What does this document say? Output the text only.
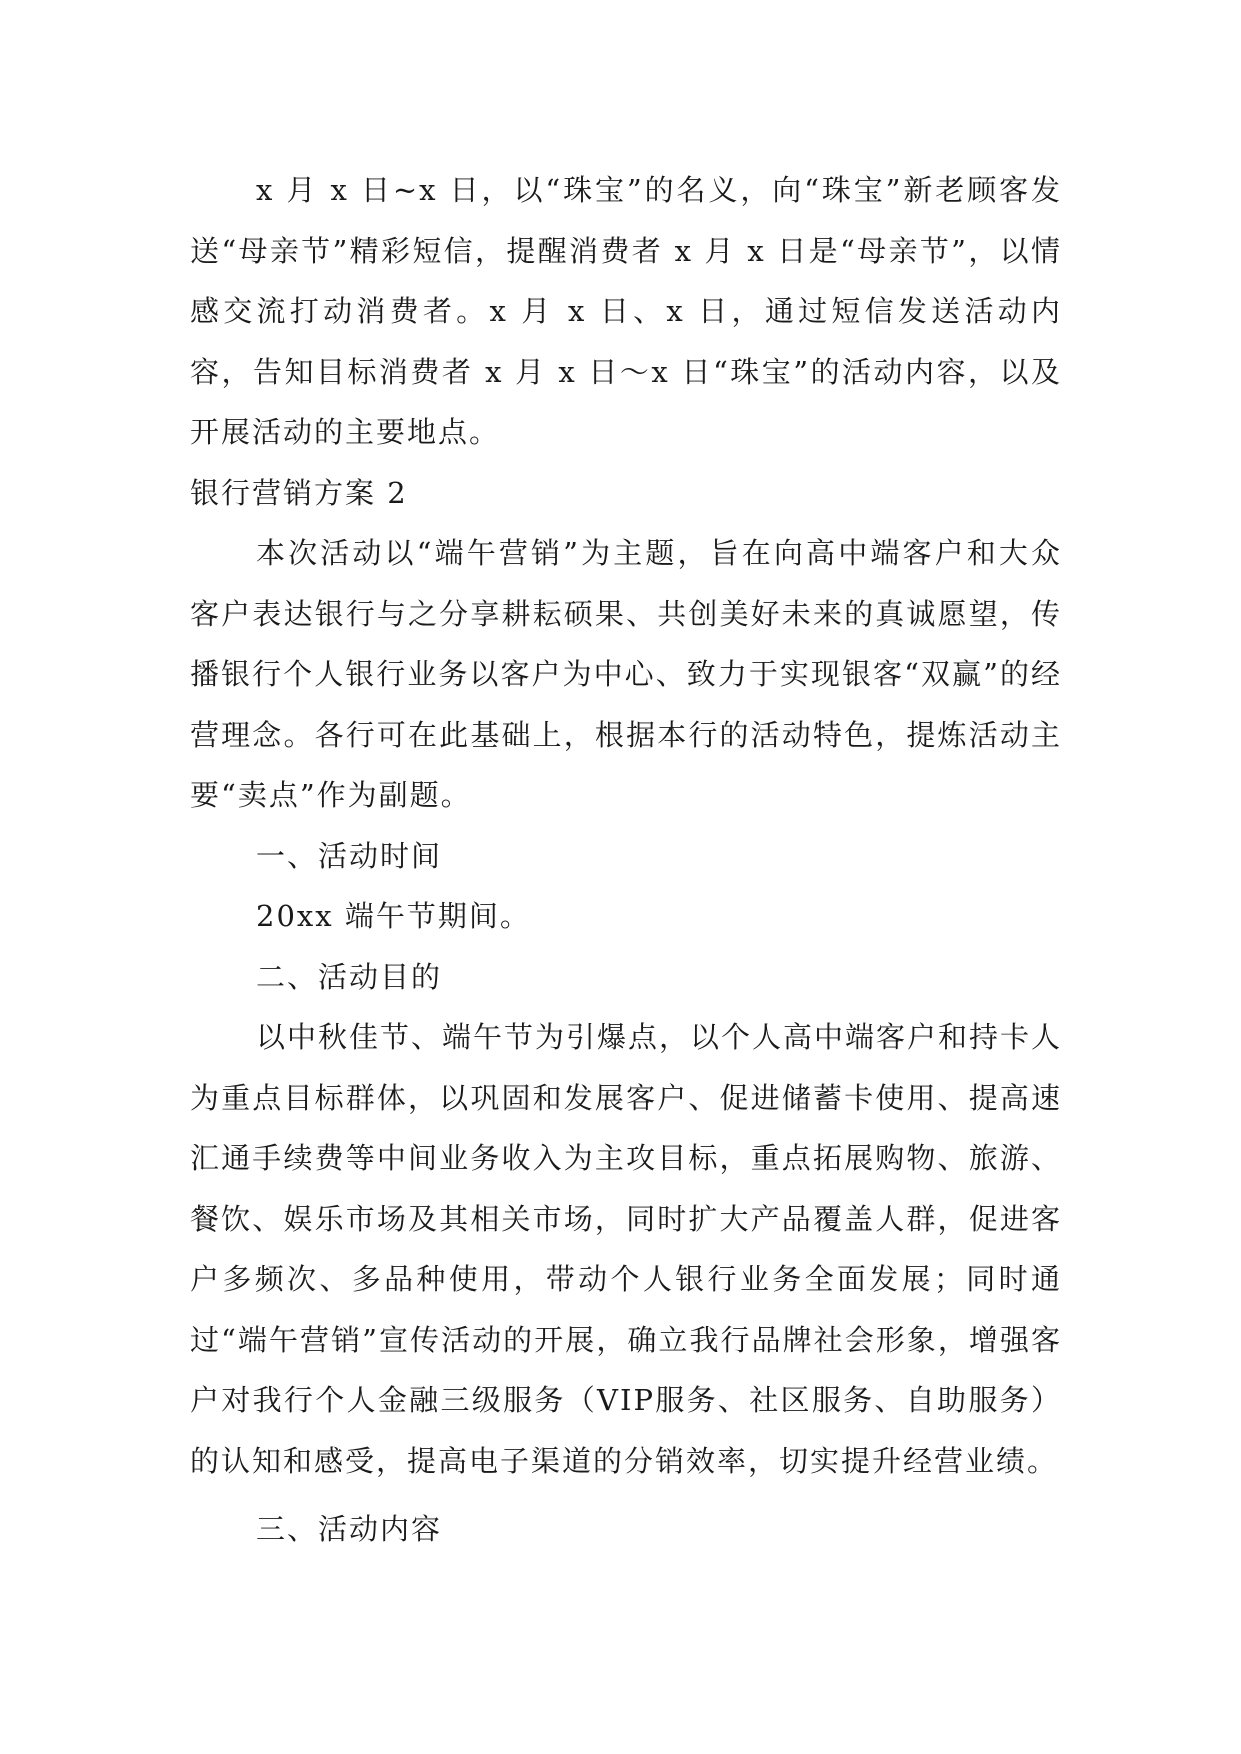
x 月 x 日~x 日，以“珠宝”的名义，向“珠宝”新老顾客发送“母亲节”精彩短信，提醒消费者 x 月 x 日是“母亲节”，以情感交流打动消费者。x 月 x 日、x 日，通过短信发送活动内容，告知目标消费者 x 月 x 日～x 日“珠宝”的活动内容，以及开展活动的主要地点。

银行营销方案 2

本次活动以“端午营销”为主题，旨在向高中端客户和大众客户表达银行与之分享耕耘硕果、共创美好未来的真诚愿望，传播银行个人银行业务以客户为中心、致力于实现银客“双赢”的经营理念。各行可在此基础上，根据本行的活动特色，提炼活动主要“卖点”作为副题。

一、活动时间

20xx 端午节期间。

二、活动目的

以中秋佳节、端午节为引爆点，以个人高中端客户和持卡人为重点目标群体，以巩固和发展客户、促进储蓄卡使用、提高速汇通手续费等中间业务收入为主攻目标，重点拓展购物、旅游、餐饮、娱乐市场及其相关市场，同时扩大产品覆盖人群，促进客户多频次、多品种使用，带动个人银行业务全面发展；同时通过“端午营销”宣传活动的开展，确立我行品牌社会形象，增强客户对我行个人金融三级服务（VIP服务、社区服务、自助服务）的认知和感受，提高电子渠道的分销效率，切实提升经营业绩。

三、活动内容
